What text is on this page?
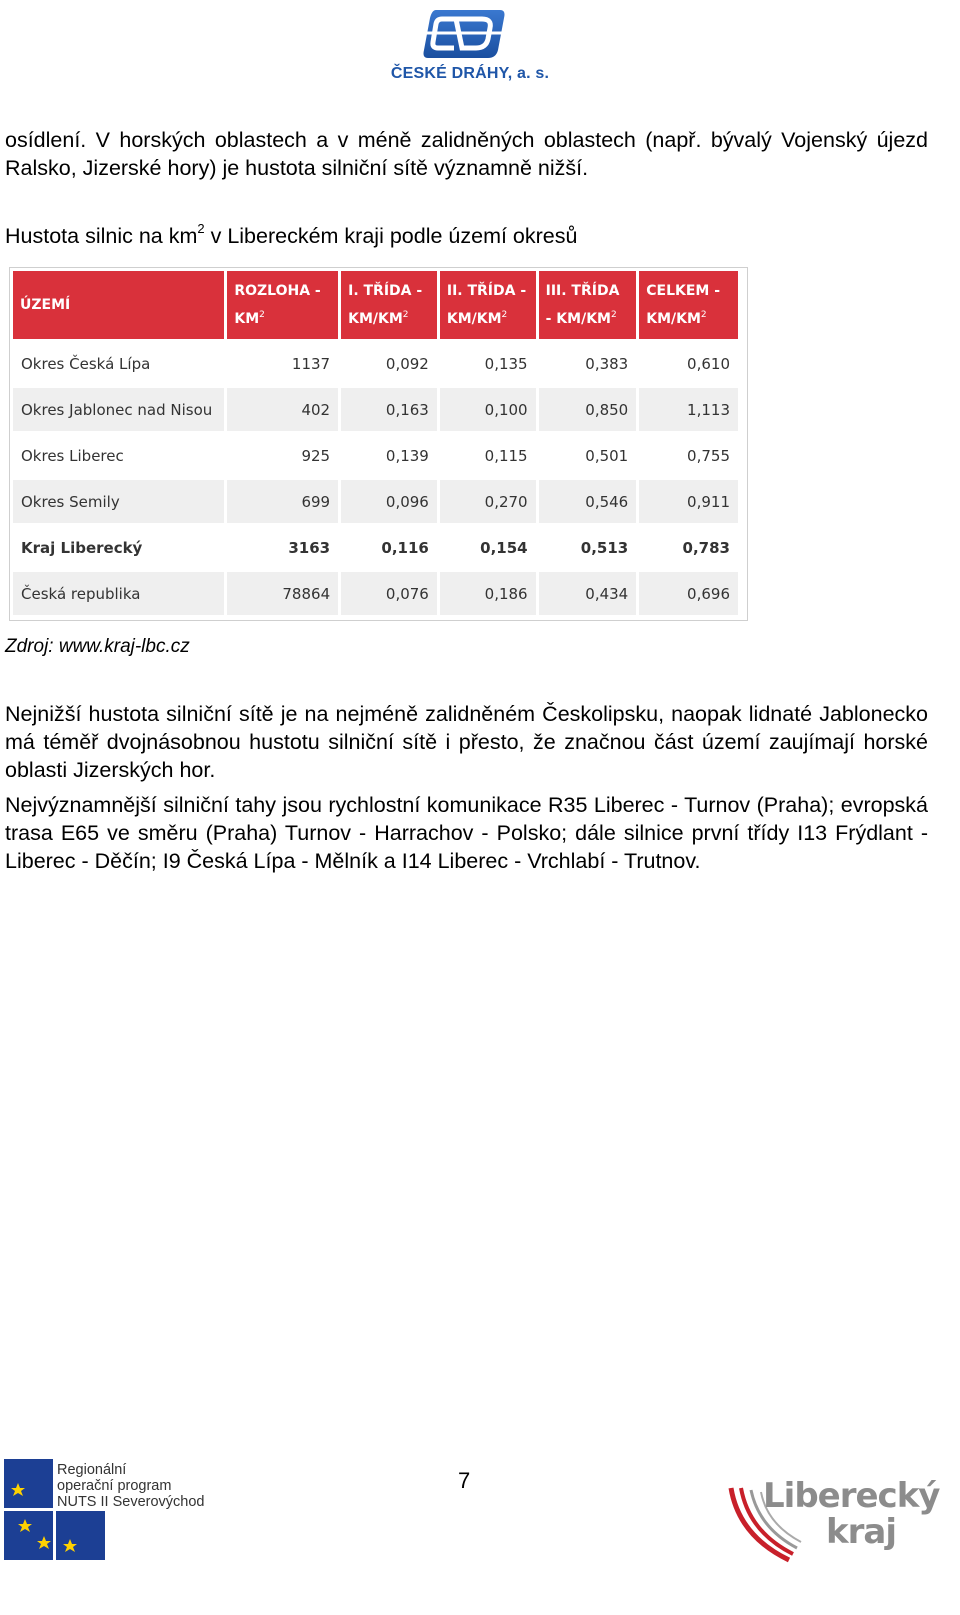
ČESKÉ DRÁHY, a. s.

osídlení. V horských oblastech a v méně zalidněných oblastech (např. bývalý Vojenský újezd Ralsko, Jizerské hory) je hustota silniční sítě významně nižší.

Hustota silnic na $km^2$ v Libereckém kraji podle území okresů
ÚZEMÍ	ROZLOHA - $KM^2$	I. TŘÍDA - $KM/KM^2$	II. TŘÍDA - $KM/KM^2$	III. TŘÍDA - $KM/KM^2$	CELKEM - $KM/KM^2$
Okres Česká Lípa	1137	0,092	0,135	0,383	0,610
Okres Jablonec nad Nisou	402	0,163	0,100	0,850	1,113
Okres Liberec	925	0,139	0,115	0,501	0,755
Okres Semily	699	0,096	0,270	0,546	0,911
Kraj Liberecký	3163	0,116	0,154	0,513	0,783
Česká republika	78864	0,076	0,186	0,434	0,696
Zdroj: www.kraj-lbc.cz

Nejnižší hustota silniční sítě je na nejméně zalidněném Českolipsku, naopak lidnaté Jablonecko má téměř dvojnásobnou hustotu silniční sítě i přesto, že značnou část území zaujímají horské oblasti Jizerských hor.

Nejvýznamnější silniční tahy jsou rychlostní komunikace R35 Liberec - Turnov (Praha); evropská trasa E65 ve směru (Praha) Turnov - Harrachov - Polsko; dále silnice první třídy I13 Frýdlant - Liberec - Děčín; I9 Česká Lípa - Mělník a I14 Liberec - Vrchlabí - Trutnov.

Regionální
operační program
NUTS II Severovýchod
7	Liberecký
kraj
